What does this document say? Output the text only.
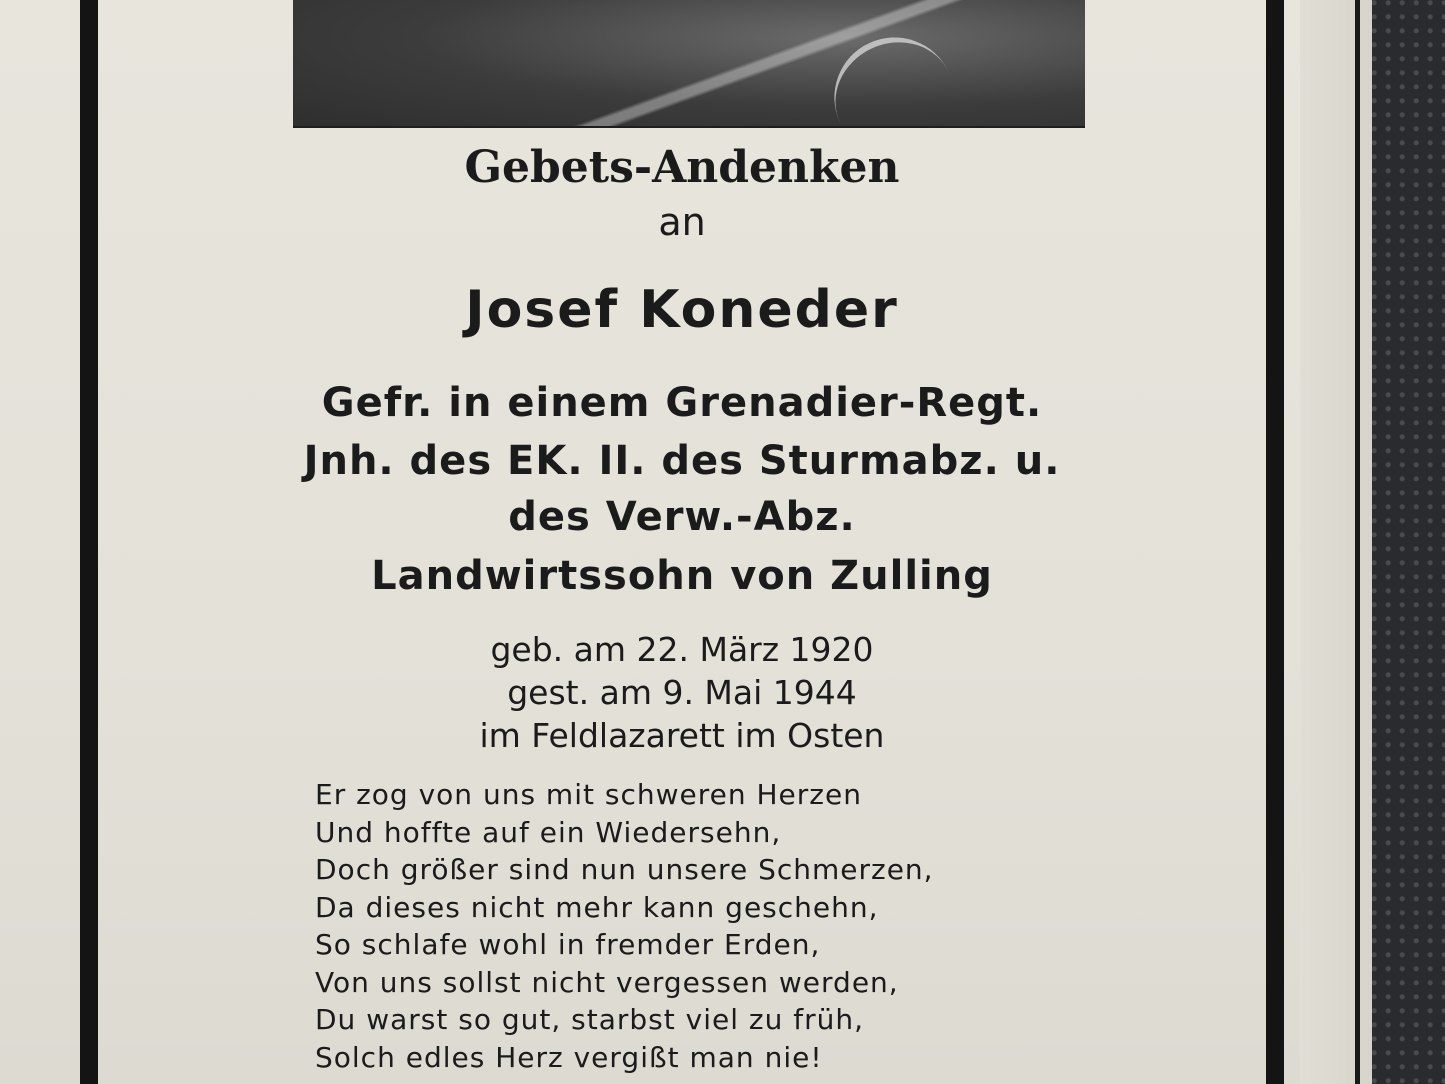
Gebets-Andenken
an
Josef Koneder
Gefr. in einem Grenadier-Regt.
Jnh. des EK. II. des Sturmabz. u.
des Verw.-Abz.
Landwirtssohn von Zulling
geb. am 22. März 1920
gest. am 9. Mai 1944
im Feldlazarett im Osten
Er zog von uns mit schweren Herzen
Und hoffte auf ein Wiedersehn,
Doch größer sind nun unsere Schmerzen,
Da dieses nicht mehr kann geschehn,
So schlafe wohl in fremder Erden,
Von uns sollst nicht vergessen werden,
Du warst so gut, starbst viel zu früh,
Solch edles Herz vergißt man nie!
